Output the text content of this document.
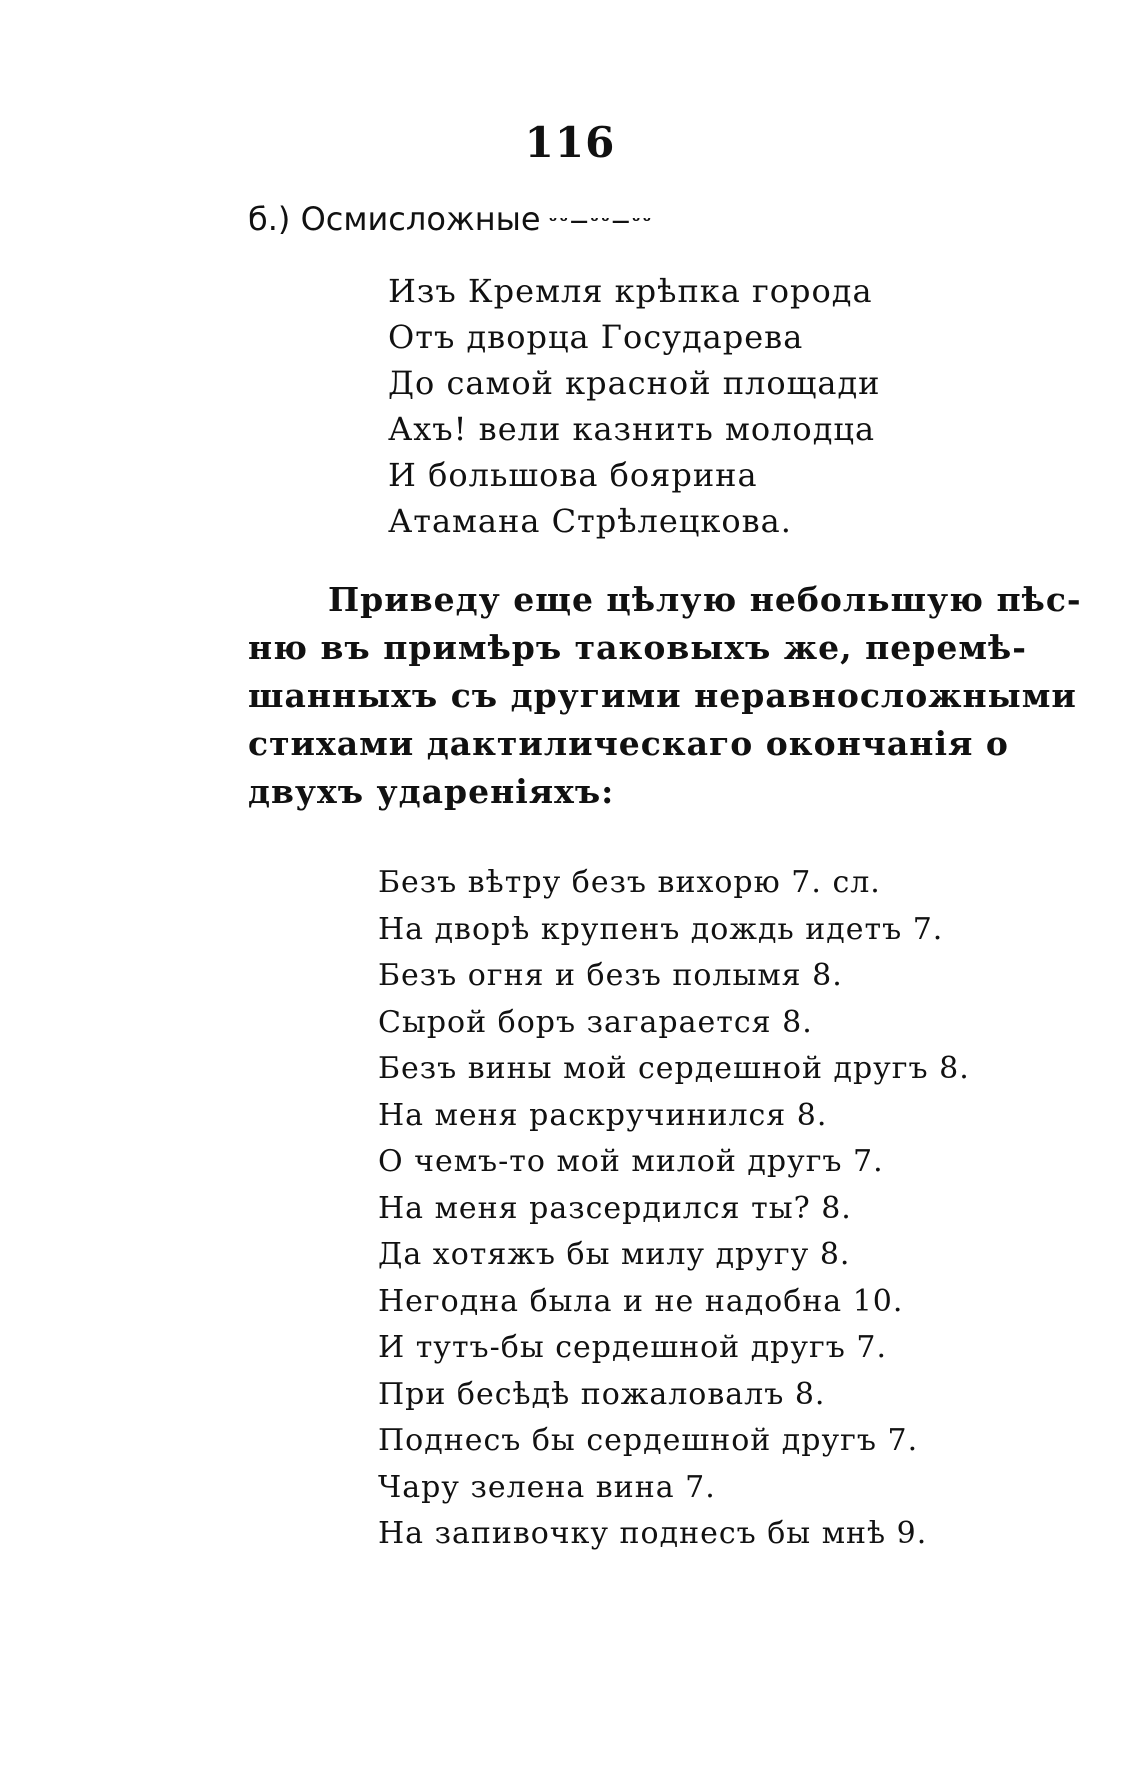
116
б.) Осмисложные ᵕᵕ—ᵕᵕ—ᵕᵕ
Изъ Кремля крѣпка города
Отъ дворца Государева
До самой красной площади
Ахъ! вели казнить молодца
И большова боярина
Атамана Стрѣлецкова.
Приведу еще цѣлую небольшую пѣс-
ню въ примѣръ таковыхъ же, перемѣ-
шанныхъ съ другими неравносложными
стихами дактилическаго окончанія о
двухъ удареніяхъ:
Безъ вѣтру безъ вихорю 7. сл.
На дворѣ крупенъ дождь идетъ 7.
Безъ огня и безъ полымя 8.
Сырой боръ загарается 8.
Безъ вины мой сердешной другъ 8.
На меня раскручинился 8.
О чемъ-то мой милой другъ 7.
На меня разсердился ты? 8.
Да хотяжъ бы милу другу 8.
Негодна была и не надобна 10.
И тутъ-бы сердешной другъ 7.
При бесѣдѣ пожаловалъ 8.
Поднесъ бы сердешной другъ 7.
Чару зелена вина 7.
На запивочку поднесъ бы мнѣ 9.
